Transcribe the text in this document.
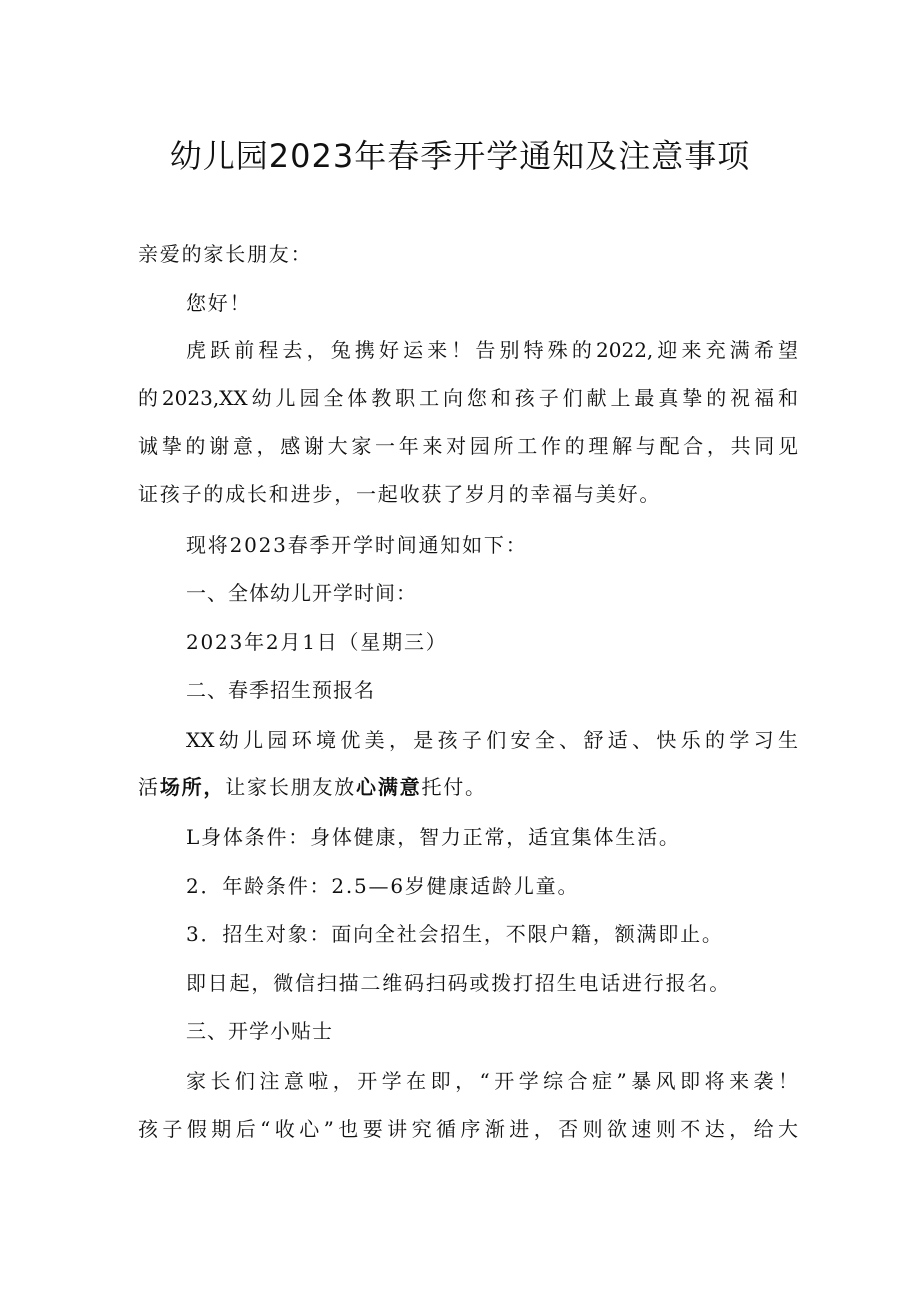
幼儿园2023年春季开学通知及注意事项
亲爱的家长朋友：
您好！
虎跃前程去，兔携好运来！告别特殊的2022,迎来充满希望
的2023,XX幼儿园全体教职工向您和孩子们献上最真挚的祝福和
诚挚的谢意，感谢大家一年来对园所工作的理解与配合，共同见
证孩子的成长和进步，一起收获了岁月的幸福与美好。
现将2023春季开学时间通知如下：
一、全体幼儿开学时间：
2023年2月1日（星期三）
二、春季招生预报名
XX幼儿园环境优美，是孩子们安全、舒适、快乐的学习生
活场所，让家长朋友放心满意托付。
L身体条件：身体健康，智力正常，适宜集体生活。
2．年龄条件：2.5—6岁健康适龄儿童。
3．招生对象：面向全社会招生，不限户籍，额满即止。
即日起，微信扫描二维码扫码或拨打招生电话进行报名。
三、开学小贴士
家长们注意啦，开学在即，“开学综合症”暴风即将来袭！
孩子假期后“收心”也要讲究循序渐进，否则欲速则不达，给大
